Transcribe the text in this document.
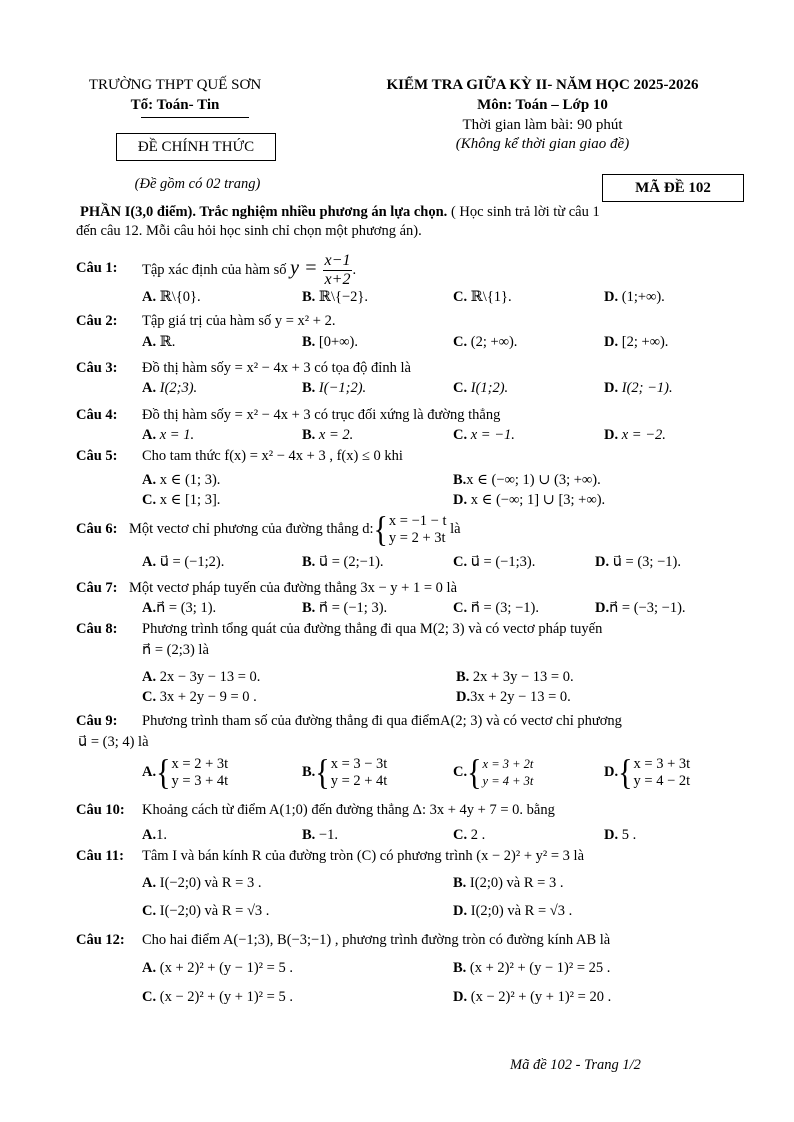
TRƯỜNG THPT QUẾ SƠN
Tổ: Toán- Tin
ĐỀ CHÍNH THỨC
(Đề gồm có 02 trang)
KIỂM TRA GIỮA KỲ II- NĂM HỌC 2025-2026
Môn: Toán – Lớp 10
Thời gian làm bài: 90 phút
(Không kể thời gian giao đề)
MÃ ĐỀ 102
PHẦN I(3,0 điểm). Trắc nghiệm nhiều phương án lựa chọn. ( Học sinh trả lời từ câu 1
đến câu 12. Mỗi câu hỏi học sinh chỉ chọn một phương án).
Câu 1: Tập xác định của hàm số $y = \frac{x-1}{x+2}$ .
A. ℝ\{0}.	B. ℝ\{−2}.	C. ℝ\{1}.	D. (1;+∞).
Câu 2: Tập giá trị của hàm số y = x² + 2.
A. ℝ.	B. [0+∞).	C. (2; +∞).	D. [2; +∞).
Câu 3: Đồ thị hàm sốy = x² − 4x + 3 có tọa độ đỉnh là
A. I(2;3).	B. I(−1;2).	C. I(1;2).	D. I(2; −1).
Câu 4: Đồ thị hàm sốy = x² − 4x + 3 có trục đối xứng là đường thẳng
A. x = 1.	B. x = 2.	C. x = −1.	D. x = −2.
Câu 5: Cho tam thức f(x) = x² − 4x + 3 , f(x) ≤ 0 khi
A. x ∈ (1; 3).	B.x ∈ (−∞; 1) ∪ (3; +∞).
C. x ∈ [1; 3].	D. x ∈ (−∞; 1] ∪ [3; +∞).
Câu 6: Một vectơ chỉ phương của đường thẳng d:{ x = −1 − t
y = 2 + 3t
là
A. u⃗ = (−1;2).	B. u⃗ = (2;−1).	C. u⃗ = (−1;3).	D. u⃗ = (3; −1).
Câu 7: Một vectơ pháp tuyến của đường thẳng 3x − y + 1 = 0 là
A.n⃗ = (3; 1).	B. n⃗ = (−1; 3).	C. n⃗ = (3; −1).	D.n⃗ = (−3; −1).
Câu 8: Phương trình tổng quát của đường thẳng đi qua M(2; 3) và có vectơ pháp tuyến
n⃗ = (2;3) là
A. 2x − 3y − 13 = 0.	B. 2x + 3y − 13 = 0.
C. 3x + 2y − 9 = 0 .	D.3x + 2y − 13 = 0.
Câu 9: Phương trình tham số của đường thẳng đi qua điểmA(2; 3) và có vectơ chỉ phương
u⃗ = (3; 4) là
A.{ x = 2 + 3t
y = 3 + 4t
B.{ x = 3 − 3t
y = 2 + 4t
C.{ x = 3 + 2t
y = 4 + 3t
D.{ x = 3 + 3t
y = 4 − 2t
Câu 10: Khoảng cách từ điểm A(1;0) đến đường thẳng Δ: 3x + 4y + 7 = 0. bằng
A.1.	B. −1.	C. 2 .	D. 5 .
Câu 11: Tâm I và bán kính R của đường tròn (C) có phương trình (x − 2)² + y² = 3 là
A. I(−2;0) và R = 3 .	B. I(2;0) và R = 3 .
C. I(−2;0) và R = √3 .	D. I(2;0) và R = √3 .
Câu 12: Cho hai điểm A(−1;3), B(−3;−1) , phương trình đường tròn có đường kính AB là
A. (x + 2)² + (y − 1)² = 5 .	B. (x + 2)² + (y − 1)² = 25 .
C. (x − 2)² + (y + 1)² = 5 .	D. (x − 2)² + (y + 1)² = 20 .
Mã đề 102 - Trang 1/2
